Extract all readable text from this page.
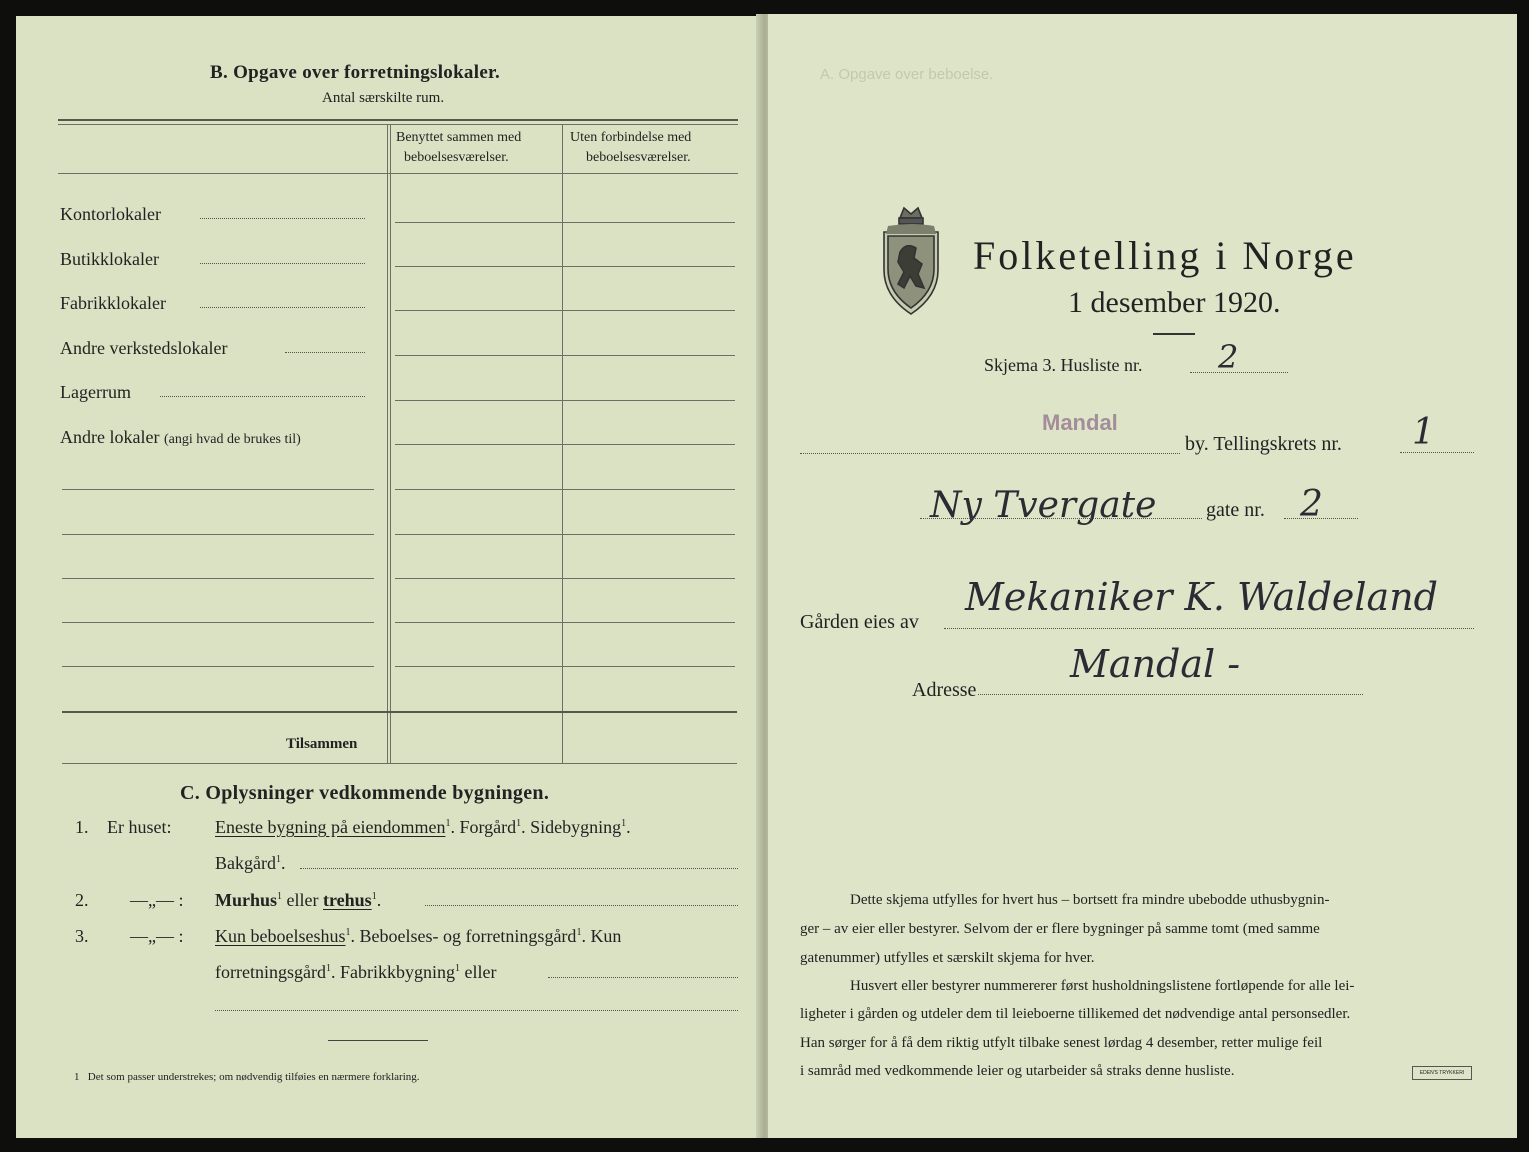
B. Opgave over forretningslokaler.
Antal særskilte rum.
Benyttet sammen med
beboelsesværelser.
Uten forbindelse med
beboelsesværelser.
Kontorlokaler
Butikklokaler
Fabrikklokaler
Andre verkstedslokaler
Lagerrum
Andre lokaler (angi hvad de brukes til)
Tilsammen
C. Oplysninger vedkommende bygningen.
1. Er huset: Eneste bygning på eiendommen$^1$. Forgård$^1$. Sidebygning$^1$.
Bakgård$^1$.
2. —„— : Murhus$^1$ eller trehus$^1$.
3. —„— : Kun beboelseshus$^1$. Beboelses- og forretningsgård$^1$. Kun
forretningsgård$^1$. Fabrikkbygning$^1$ eller
1 Det som passer understrekes; om nødvendig tilføies en nærmere forklaring.
A. Opgave over beboelse.
Folketelling i Norge
1 desember 1920.
Skjema 3. Husliste nr. 2
Mandal
by. Tellingskrets nr. 1
Ny Tvergate gate nr. 2
Gården eies av
Mekaniker K. Waldeland
Adresse
Mandal -
Dette skjema utfylles for hvert hus – bortsett fra mindre ubebodde uthusbygnin-
ger – av eier eller bestyrer. Selvom der er flere bygninger på samme tomt (med samme
gatenummer) utfylles et særskilt skjema for hver.
Husvert eller bestyrer nummererer først husholdningslistene fortløpende for alle lei-
ligheter i gården og utdeler dem til leieboerne tillikemed det nødvendige antal personsedler.
Han sørger for å få dem riktig utfylt tilbake senest lørdag 4 desember, retter mulige feil
i samråd med vedkommende leier og utarbeider så straks denne husliste.	EDEN'S TRYKKERI
